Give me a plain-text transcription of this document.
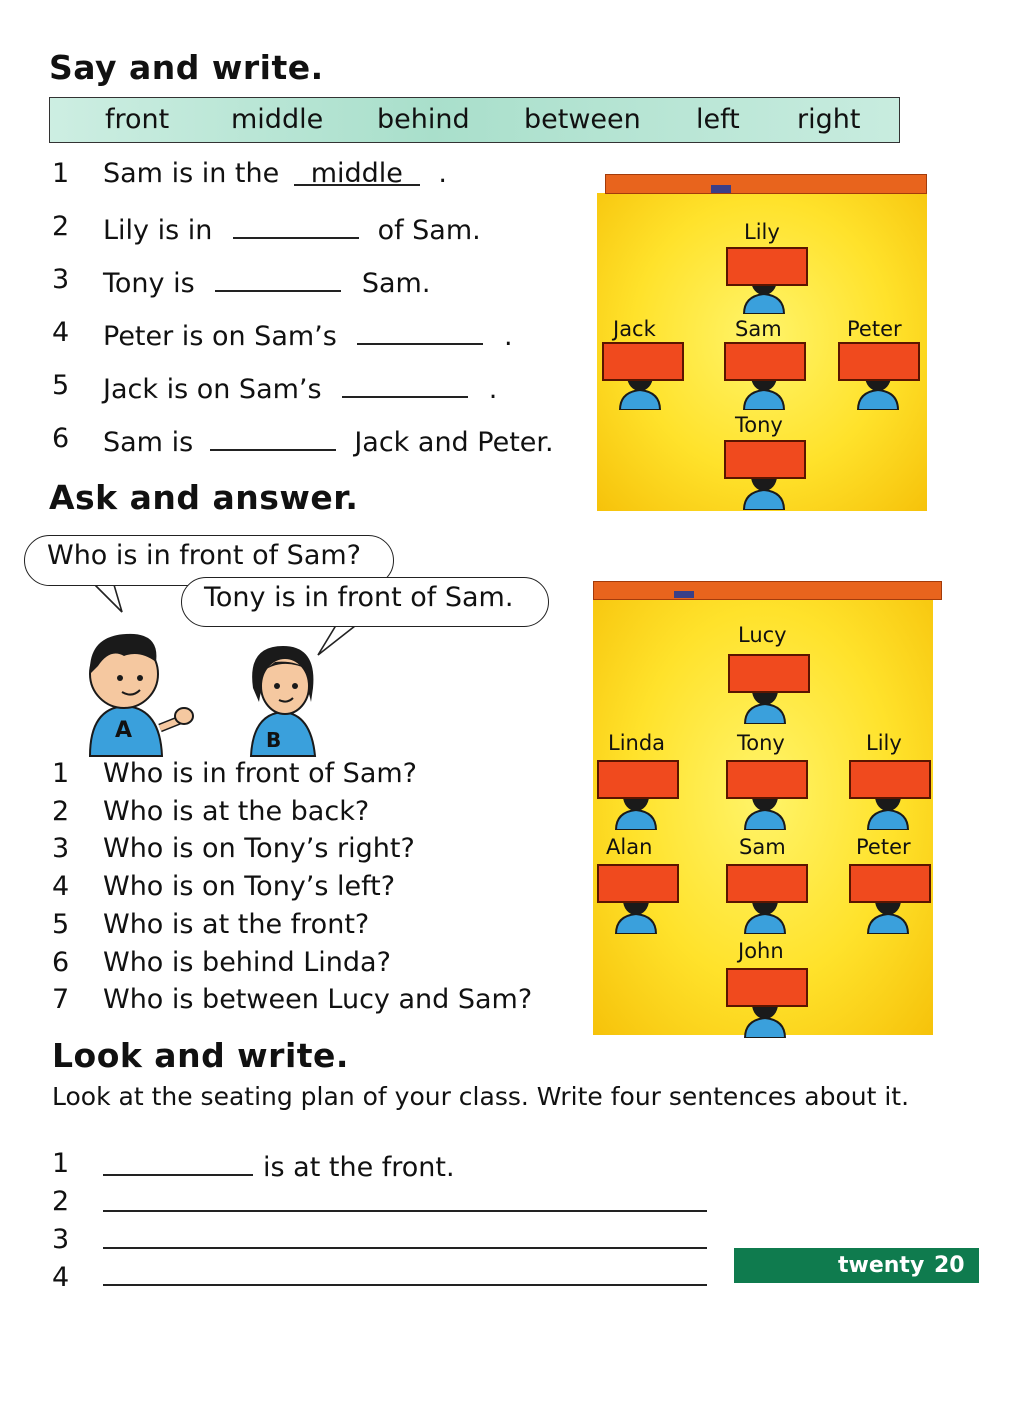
Say and write.
front middle behind between left right
1 Sam is in the middle .
2 Lily is in	of Sam.
3 Tony is	Sam.
4 Peter is on Sam’s	.
5 Jack is on Sam’s	.
6 Sam is	Jack and Peter.
Lily
Jack	Sam	Peter
Tony
Ask and answer.
Who is in front of Sam?
Tony is in front of Sam.
A	B
1 Who is in front of Sam?
2 Who is at the back?
3 Who is on Tony’s right?
4 Who is on Tony’s left?
5 Who is at the front?
6 Who is behind Linda?
7 Who is between Lucy and Sam?
Lucy
Linda	Tony	Lily
Alan	Sam	Peter
John
Look and write.
Look at the seating plan of your class. Write four sentences about it.
1	is at the front.
2
3
4	twenty 20
